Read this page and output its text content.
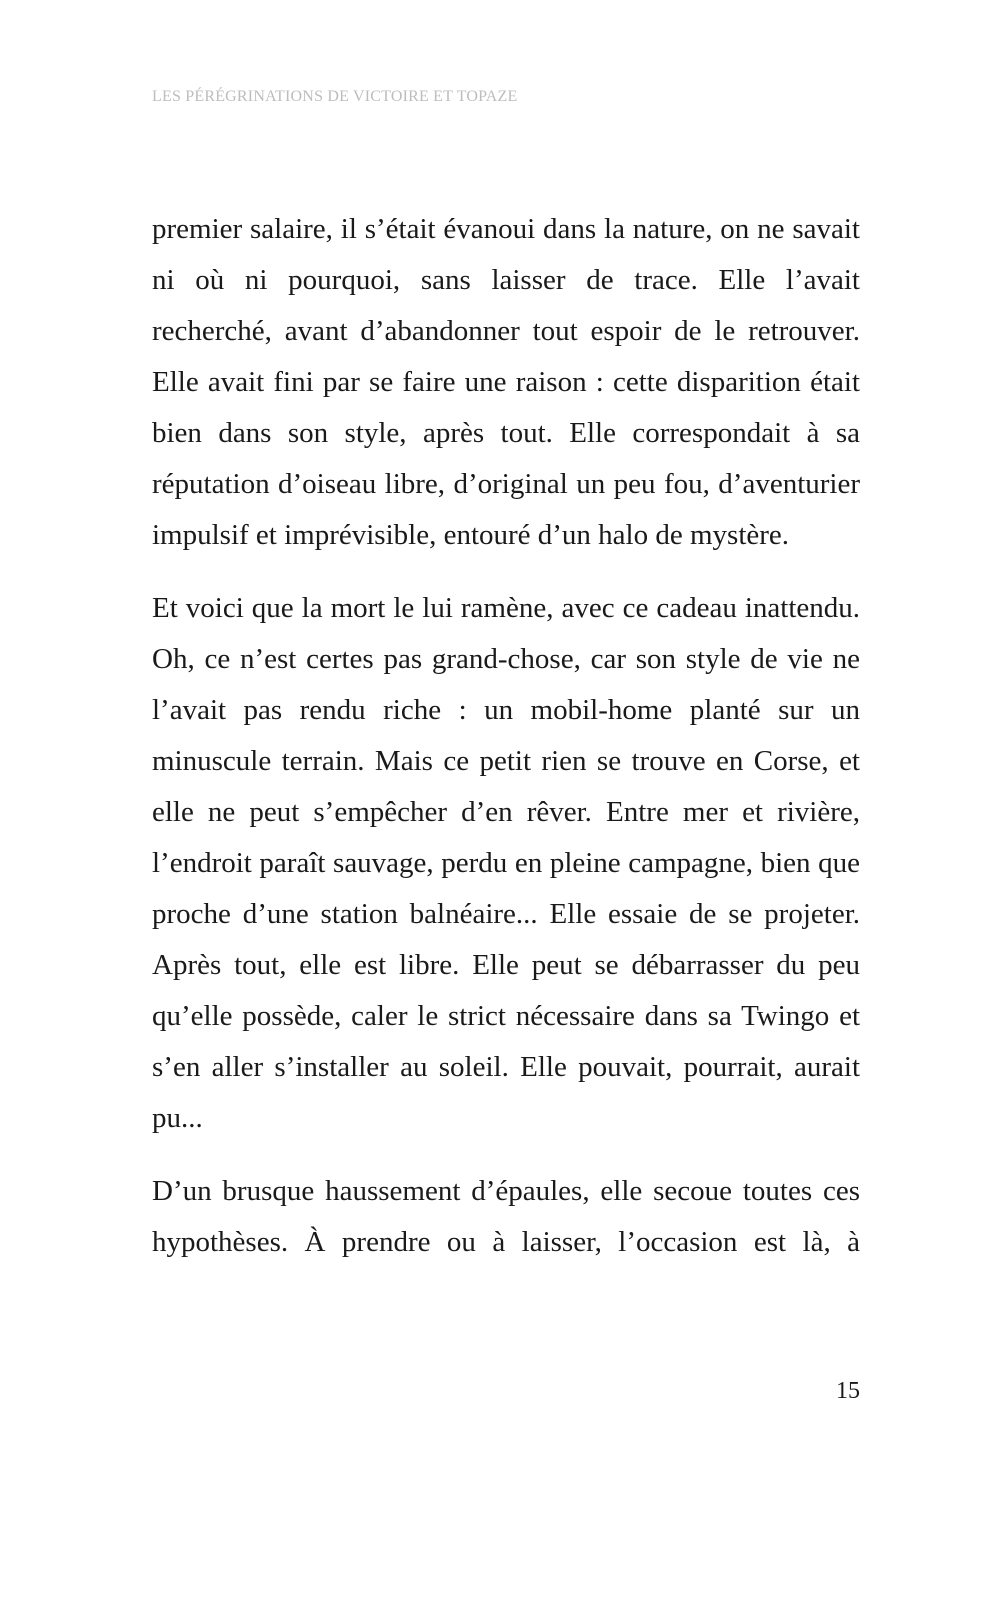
LES PÉRÉGRINATIONS DE VICTOIRE ET TOPAZE

premier salaire, il s’était évanoui dans la nature, on ne savait ni où ni pourquoi, sans laisser de trace. Elle l’avait recherché, avant d’abandonner tout espoir de le retrouver. Elle avait fini par se faire une raison : cette disparition était bien dans son style, après tout. Elle correspondait à sa réputation d’oiseau libre, d’original un peu fou, d’aventurier impulsif et imprévisible, entouré d’un halo de mystère.

Et voici que la mort le lui ramène, avec ce cadeau inattendu. Oh, ce n’est certes pas grand-chose, car son style de vie ne l’avait pas rendu riche : un mobil-home planté sur un minuscule terrain. Mais ce petit rien se trouve en Corse, et elle ne peut s’empêcher d’en rêver. Entre mer et rivière, l’endroit paraît sauvage, perdu en pleine campagne, bien que proche d’une station balnéaire... Elle essaie de se projeter. Après tout, elle est libre. Elle peut se débarrasser du peu qu’elle possède, caler le strict nécessaire dans sa Twingo et s’en aller s’installer au soleil. Elle pouvait, pourrait, aurait pu...

D’un brusque haussement d’épaules, elle secoue toutes ces hypothèses. À prendre ou à laisser, l’occasion est là, à

15
